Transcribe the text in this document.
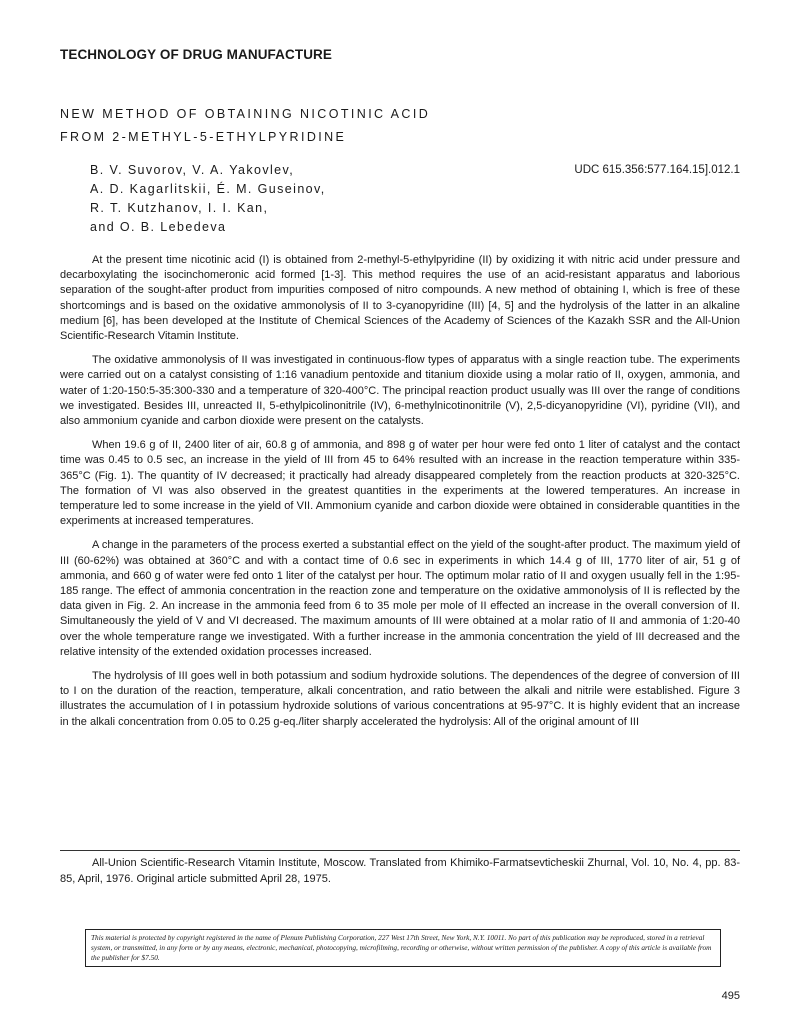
TECHNOLOGY OF DRUG MANUFACTURE
NEW METHOD OF OBTAINING NICOTINIC ACID
FROM 2-METHYL-5-ETHYLPYRIDINE
B. V. Suvorov, V. A. Yakovlev,
A. D. Kagarlitskii, É. M. Guseinov,
R. T. Kutzhanov, I. I. Kan,
and O. B. Lebedeva
UDC 615.356:577.164.15].012.1

At the present time nicotinic acid (I) is obtained from 2-methyl-5-ethylpyridine (II) by oxidizing it with nitric acid under pressure and decarboxylating the isocinchomeronic acid formed [1-3]. This method requires the use of an acid-resistant apparatus and laborious separation of the sought-after product from impurities composed of nitro compounds. A new method of obtaining I, which is free of these shortcomings and is based on the oxidative ammonolysis of II to 3-cyanopyridine (III) [4, 5] and the hydrolysis of the latter in an alkaline medium [6], has been developed at the Institute of Chemical Sciences of the Academy of Sciences of the Kazakh SSR and the All-Union Scientific-Research Vitamin Institute.

The oxidative ammonolysis of II was investigated in continuous-flow types of apparatus with a single reaction tube. The experiments were carried out on a catalyst consisting of 1:16 vanadium pentoxide and titanium dioxide using a molar ratio of II, oxygen, ammonia, and water of 1:20-150:5-35:300-330 and a temperature of 320-400°C. The principal reaction product usually was III over the range of conditions we investigated. Besides III, unreacted II, 5-ethylpicolinonitrile (IV), 6-methylnicotinonitrile (V), 2,5-dicyanopyridine (VI), pyridine (VII), and also ammonium cyanide and carbon dioxide were present on the catalysts.

When 19.6 g of II, 2400 liter of air, 60.8 g of ammonia, and 898 g of water per hour were fed onto 1 liter of catalyst and the contact time was 0.45 to 0.5 sec, an increase in the yield of III from 45 to 64% resulted with an increase in the reaction temperature within 335-365°C (Fig. 1). The quantity of IV decreased; it practically had already disappeared completely from the reaction products at 320-325°C. The formation of VI was also observed in the greatest quantities in the experiments at the lowered temperatures. An increase in temperature led to some increase in the yield of VII. Ammonium cyanide and carbon dioxide were obtained in considerable quantities in the experiments at increased temperatures.

A change in the parameters of the process exerted a substantial effect on the yield of the sought-after product. The maximum yield of III (60-62%) was obtained at 360°C and with a contact time of 0.6 sec in experiments in which 14.4 g of III, 1770 liter of air, 51 g of ammonia, and 660 g of water were fed onto 1 liter of the catalyst per hour. The optimum molar ratio of II and oxygen usually fell in the 1:95-185 range. The effect of ammonia concentration in the reaction zone and temperature on the oxidative ammonolysis of II is reflected by the data given in Fig. 2. An increase in the ammonia feed from 6 to 35 mole per mole of II effected an increase in the overall conversion of II. Simultaneously the yield of V and VI decreased. The maximum amounts of III were obtained at a molar ratio of II and ammonia of 1:20-40 over the whole temperature range we investigated. With a further increase in the ammonia concentration the yield of III decreased and the relative intensity of the extended oxidation processes increased.

The hydrolysis of III goes well in both potassium and sodium hydroxide solutions. The dependences of the degree of conversion of III to I on the duration of the reaction, temperature, alkali concentration, and ratio between the alkali and nitrile were established. Figure 3 illustrates the accumulation of I in potassium hydroxide solutions of various concentrations at 95-97°C. It is highly evident that an increase in the alkali concentration from 0.05 to 0.25 g-eq./liter sharply accelerated the hydrolysis: All of the original amount of III

All-Union Scientific-Research Vitamin Institute, Moscow. Translated from Khimiko-Farmatsevticheskii Zhurnal, Vol. 10, No. 4, pp. 83-85, April, 1976. Original article submitted April 28, 1975.
This material is protected by copyright registered in the name of Plenum Publishing Corporation, 227 West 17th Street, New York, N.Y. 10011. No part of this publication may be reproduced, stored in a retrieval system, or transmitted, in any form or by any means, electronic, mechanical, photocopying, microfilming, recording or otherwise, without written permission of the publisher. A copy of this article is available from the publisher for $7.50.
495
